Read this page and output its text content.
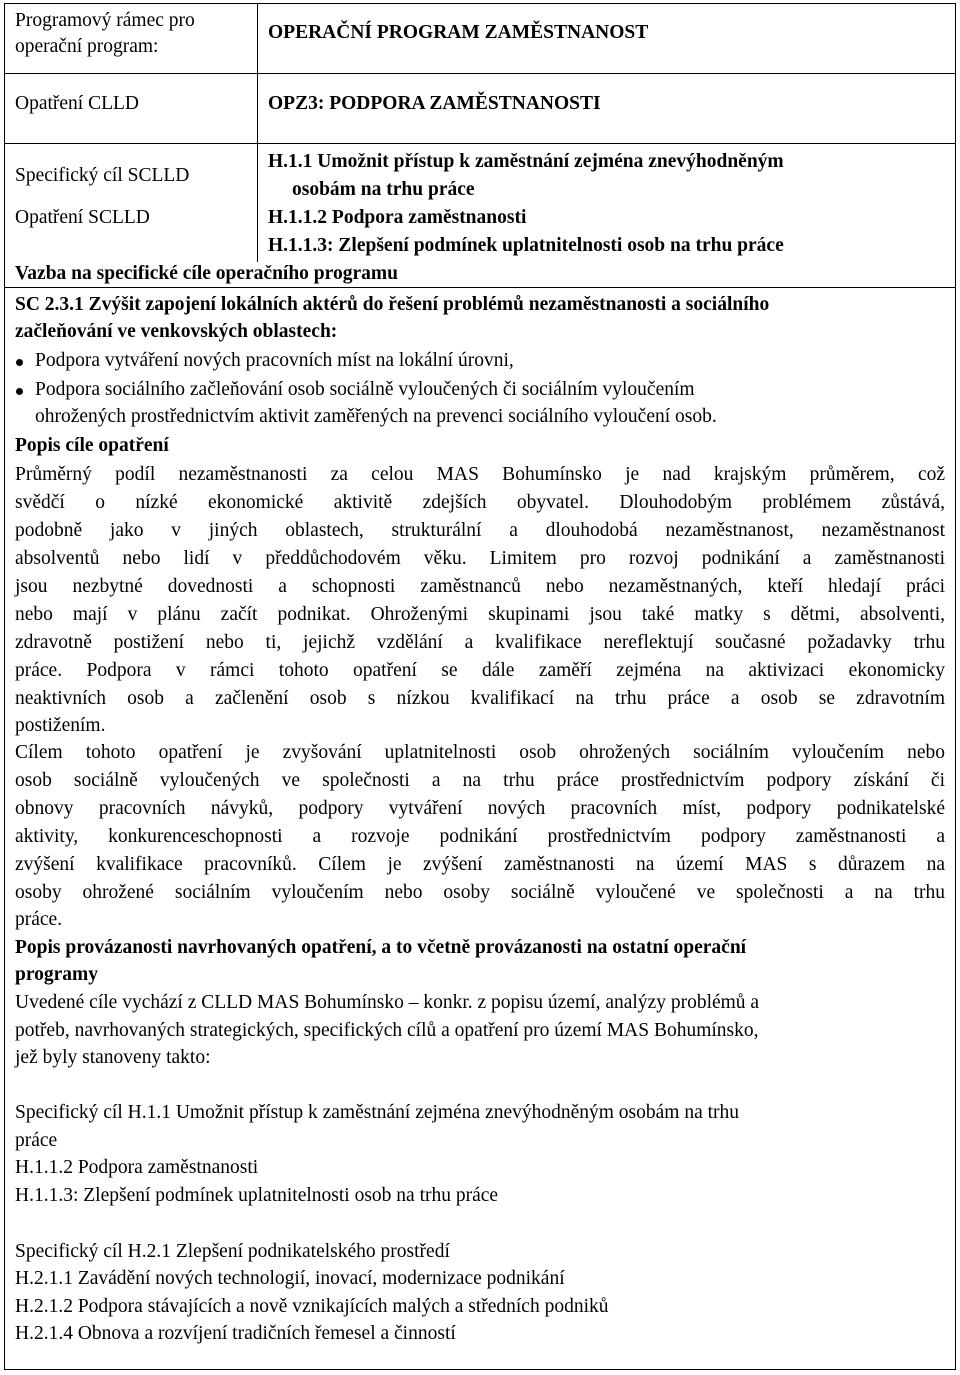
Programový rámec pro
operační program:
OPERAČNÍ PROGRAM ZAMĚSTNANOST
Opatření CLLD	OPZ3: PODPORA ZAMĚSTNANOSTI
Specifický cíl SCLLD
Opatření SCLLD
H.1.1 Umožnit přístup k zaměstnání zejména znevýhodněným
osobám na trhu práce
H.1.1.2 Podpora zaměstnanosti
H.1.1.3: Zlepšení podmínek uplatnitelnosti osob na trhu práce
Vazba na specifické cíle operačního programu
SC 2.3.1 Zvýšit zapojení lokálních aktérů do řešení problémů nezaměstnanosti a sociálního
začleňování ve venkovských oblastech:
Podpora vytváření nových pracovních míst na lokální úrovni,
Podpora sociálního začleňování osob sociálně vyloučených či sociálním vyloučením
ohrožených prostřednictvím aktivit zaměřených na prevenci sociálního vyloučení osob.
Popis cíle opatření
Průměrný podíl nezaměstnanosti za celou MAS Bohumínsko je nad krajským průměrem, což
svědčí o nízké ekonomické aktivitě zdejších obyvatel. Dlouhodobým problémem zůstává,
podobně jako v jiných oblastech, strukturální a dlouhodobá nezaměstnanost, nezaměstnanost
absolventů nebo lidí v předdůchodovém věku. Limitem pro rozvoj podnikání a zaměstnanosti
jsou nezbytné dovednosti a schopnosti zaměstnanců nebo nezaměstnaných, kteří hledají práci
nebo mají v plánu začít podnikat. Ohroženými skupinami jsou také matky s dětmi, absolventi,
zdravotně postižení nebo ti, jejichž vzdělání a kvalifikace nereflektují současné požadavky trhu
práce. Podpora v rámci tohoto opatření se dále zaměří zejména na aktivizaci ekonomicky
neaktivních osob a začlenění osob s nízkou kvalifikací na trhu práce a osob se zdravotním
postižením.
Cílem tohoto opatření je zvyšování uplatnitelnosti osob ohrožených sociálním vyloučením nebo
osob sociálně vyloučených ve společnosti a na trhu práce prostřednictvím podpory získání či
obnovy pracovních návyků, podpory vytváření nových pracovních míst, podpory podnikatelské
aktivity, konkurenceschopnosti a rozvoje podnikání prostřednictvím podpory zaměstnanosti a
zvýšení kvalifikace pracovníků. Cílem je zvýšení zaměstnanosti na území MAS s důrazem na
osoby ohrožené sociálním vyloučením nebo osoby sociálně vyloučené ve společnosti a na trhu
práce.
Popis provázanosti navrhovaných opatření, a to včetně provázanosti na ostatní operační
programy
Uvedené cíle vychází z CLLD MAS Bohumínsko – konkr. z popisu území, analýzy problémů a
potřeb, navrhovaných strategických, specifických cílů a opatření pro území MAS Bohumínsko,
jež byly stanoveny takto:
Specifický cíl H.1.1 Umožnit přístup k zaměstnání zejména znevýhodněným osobám na trhu
práce
H.1.1.2 Podpora zaměstnanosti
H.1.1.3: Zlepšení podmínek uplatnitelnosti osob na trhu práce
Specifický cíl H.2.1 Zlepšení podnikatelského prostředí
H.2.1.1 Zavádění nových technologií, inovací, modernizace podnikání
H.2.1.2 Podpora stávajících a nově vznikajících malých a středních podniků
H.2.1.4 Obnova a rozvíjení tradičních řemesel a činností
